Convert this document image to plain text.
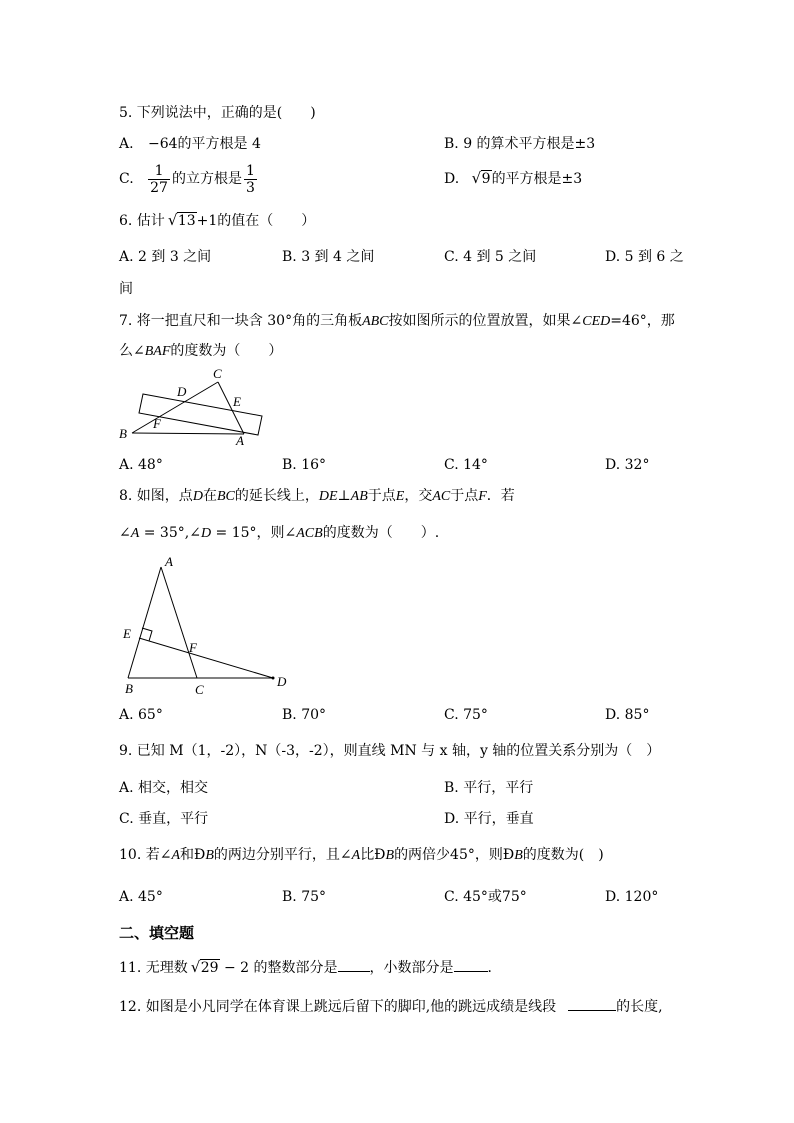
5. 下列说法中，正确的是(　　)
A. −64的平方根是 4	B. 9 的算术平方根是±3
C. $\frac{1}{27}$ 的立方根是 $\frac{1}{3}$	D. √ 9的平方根是±3
6. 估计 √ 13+1的值在（　　）
A. 2 到 3 之间	B. 3 到 4 之间	C. 4 到 5 之间	D. 5 到 6 之
间
7. 将一把直尺和一块含 30°角的三角板ABC按如图所示的位置放置，如果∠CED=46°，那
么∠BAF的度数为（　　）
C
D
E
F
B	A
A. 48°	B. 16°	C. 14°	D. 32°
8. 如图，点D在BC的延长线上，DE⊥AB于点E，交AC于点F．若
∠A = 35°,∠D = 15°，则∠ACB的度数为（　　）.
A
E
F
B	C
D
A. 65°	B. 70°	C. 75°	D. 85°
9. 已知 M（1，-2），N（-3，-2），则直线 MN 与 x 轴，y 轴的位置关系分别为（　）
A. 相交，相交	B. 平行，平行
C. 垂直，平行	D. 平行，垂直
10. 若∠A和ÐB的两边分别平行，且∠A比ÐB的两倍少45°，则ÐB的度数为(　)
A. 45°	B. 75°	C. 45°或75°	D. 120°
二、填空题
11. 无理数 √ 29 − 2 的整数部分是 ，小数部分是 ．
12. 如图是小凡同学在体育课上跳远后留下的脚印,他的跳远成绩是线段	的长度,
